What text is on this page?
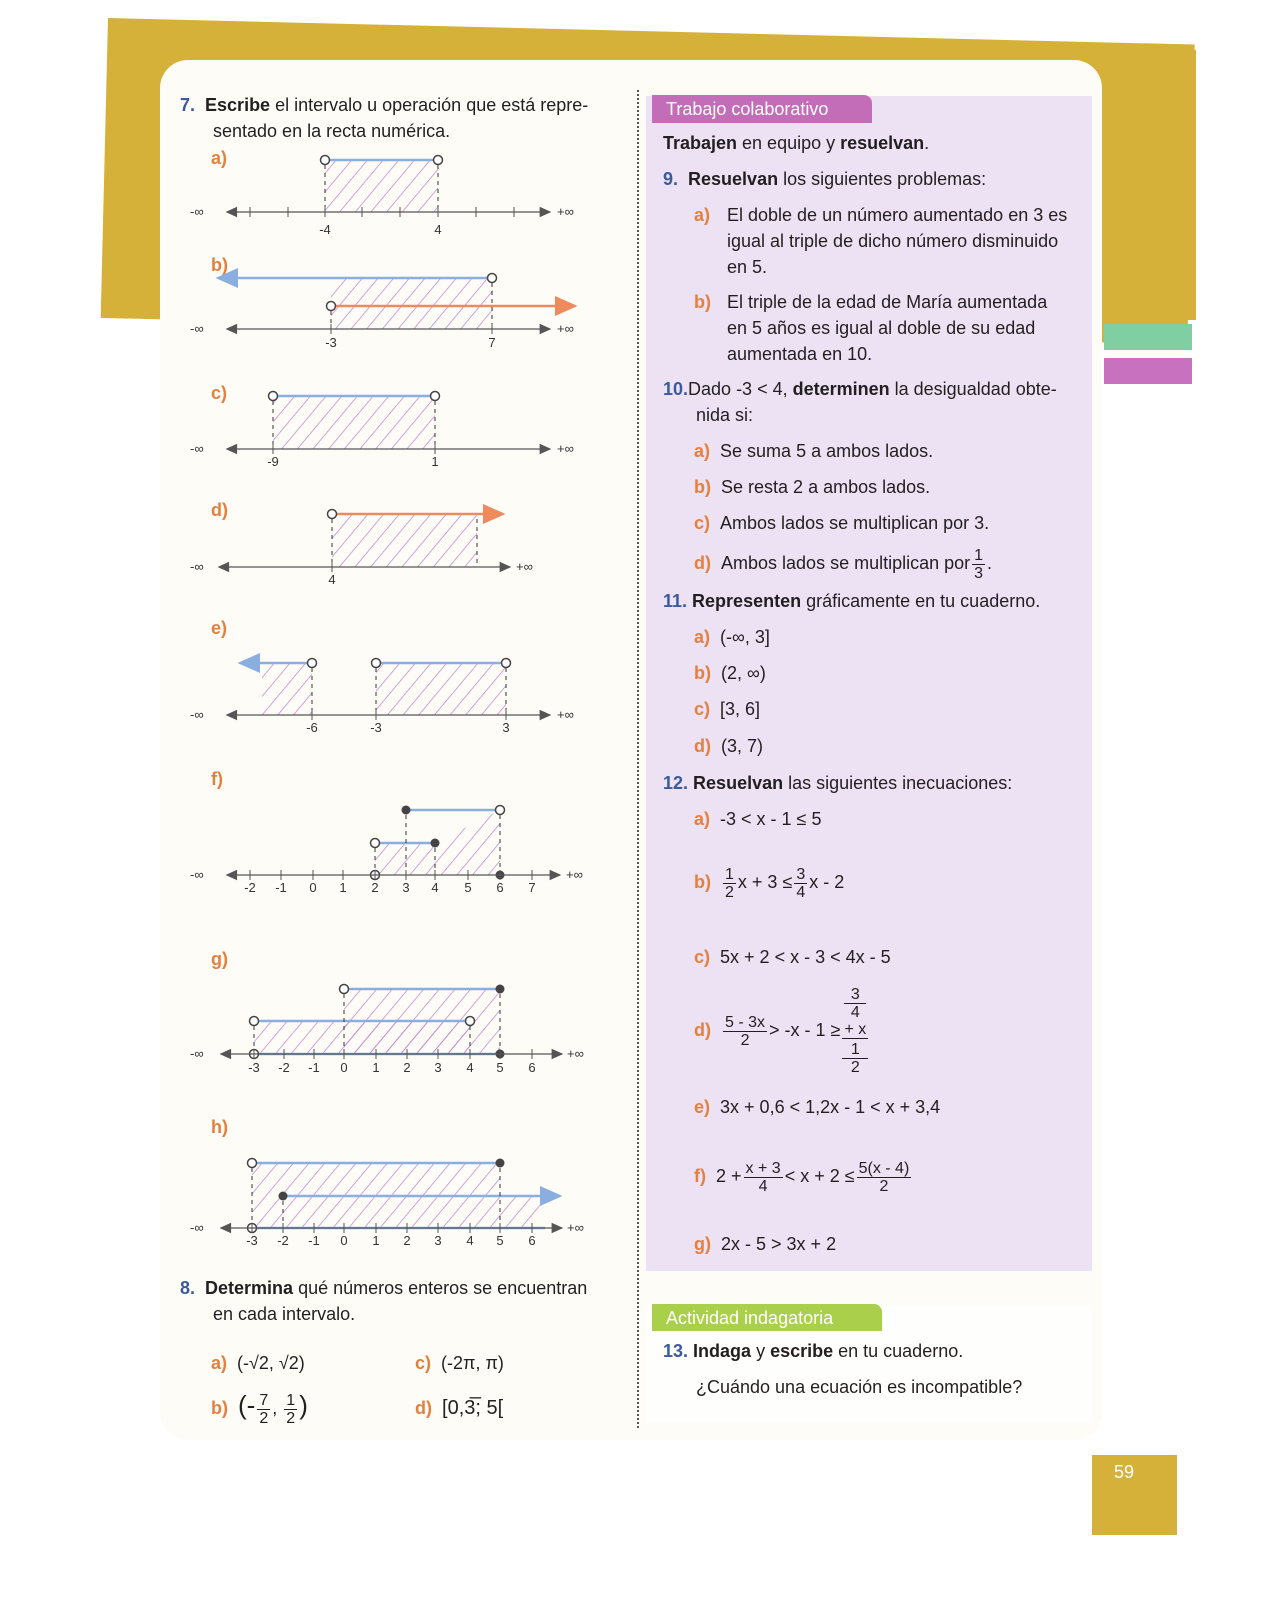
Trabajo colaborativo
Actividad indagatoria
59
7. Escribe el intervalo u operación que está repre-
sentado en la recta numérica.
a)
b)
c)
d)
e)
f)
g)
h)
-∞	+∞
-∞	+∞
-∞	+∞
-∞	+∞
-∞	+∞
-∞	+∞
-∞	+∞
-∞	+∞
-4	4
-3	7
-9	1
4
-6	-3	3
-2 -1 0 1 2 3 4 5 6 7
-3 -2 -1 0 1 2 3 4 5 6
-3 -2 -1 0 1 2 3 4 5 6
8. Determina qué números enteros se encuentran
en cada intervalo.
a) (-√2, √2)
b) (- $\frac{7}{2}$ , $\frac{1}{2}$ )
c) (-2π, π)
d) [0,3̅; 5[
Trabajen en equipo y resuelvan.
9. Resuelvan los siguientes problemas:
a) El doble de un número aumentado en 3 es
igual al triple de dicho número disminuido
en 5.
b) El triple de la edad de María aumentada
en 5 años es igual al doble de su edad
aumentada en 10.
10.Dado -3 < 4, determinen la desigualdad obte-
nida si:
a) Se suma 5 a ambos lados.
b) Se resta 2 a ambos lados.
c) Ambos lados se multiplican por 3.
d) Ambos lados se multiplican por $\frac{1}{3}$ .
11. Representen gráficamente en tu cuaderno.
a) (-∞, 3]
b) (2, ∞)
c) [3, 6]
d) (3, 7)
12. Resuelvan las siguientes inecuaciones:
a) -3 < x - 1 ≤ 5
$b) \frac{1}{2}$ $x + 3 \le \frac{3}{4}$ x - 2
c) 5x + 2 < x - 3 < 4x - 5
$d) \frac{5 - 3x}{2} > -x - 1 \ge 3$
4
+ x
1
2
e) 3x + 0,6 < 1,2x - 1 < x + 3,4
f) $2 + \frac{x + 3}{4} < x + 2 \le \frac{5(x - 4)}{2}$
g) 2x - 5 > 3x + 2
13. Indaga y escribe en tu cuaderno.
¿Cuándo una ecuación es incompatible?
